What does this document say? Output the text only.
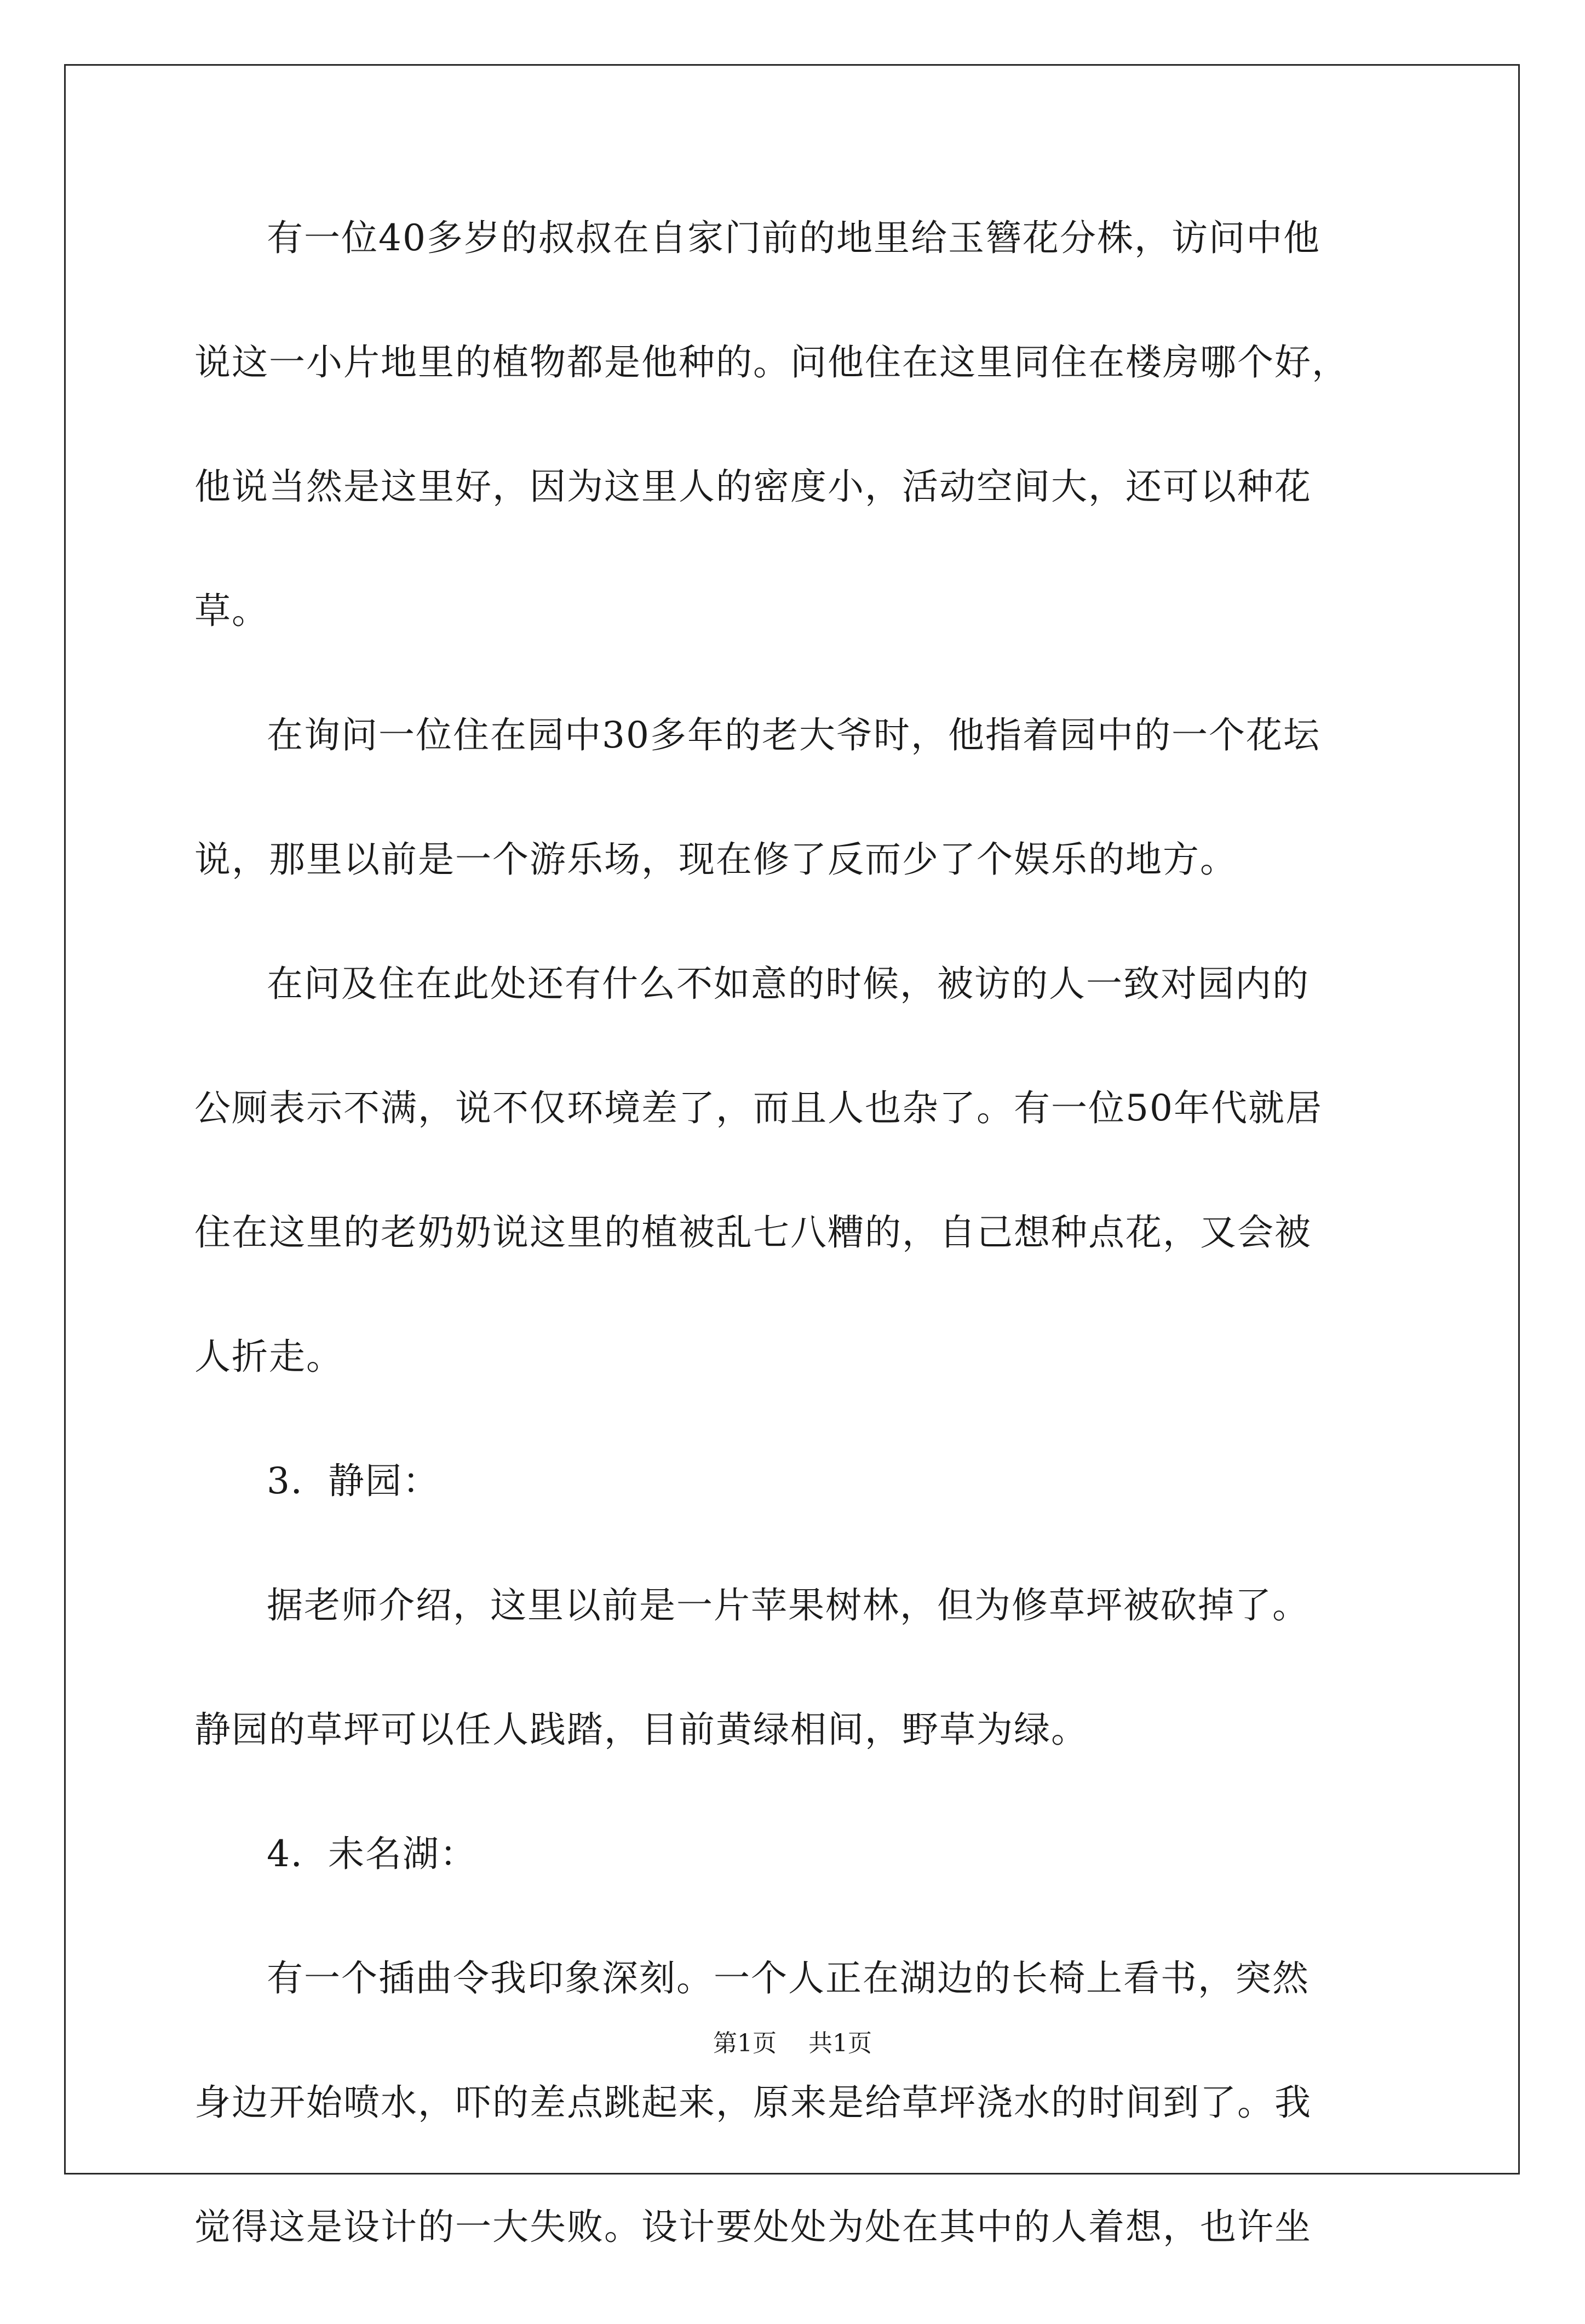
有一位40多岁的叔叔在自家门前的地里给玉簪花分株，访问中他
说这一小片地里的植物都是他种的。问他住在这里同住在楼房哪个好，
他说当然是这里好，因为这里人的密度小，活动空间大，还可以种花
草。
在询问一位住在园中30多年的老大爷时，他指着园中的一个花坛
说，那里以前是一个游乐场，现在修了反而少了个娱乐的地方。
在问及住在此处还有什么不如意的时候，被访的人一致对园内的
公厕表示不满，说不仅环境差了，而且人也杂了。有一位50年代就居
住在这里的老奶奶说这里的植被乱七八糟的，自己想种点花，又会被
人折走。
3．静园：
据老师介绍，这里以前是一片苹果树林，但为修草坪被砍掉了。
静园的草坪可以任人践踏，目前黄绿相间，野草为绿。
4．未名湖：
有一个插曲令我印象深刻。一个人正在湖边的长椅上看书，突然
身边开始喷水，吓的差点跳起来，原来是给草坪浇水的时间到了。我
觉得这是设计的一大失败。设计要处处为处在其中的人着想，也许坐
第1页 共1页
